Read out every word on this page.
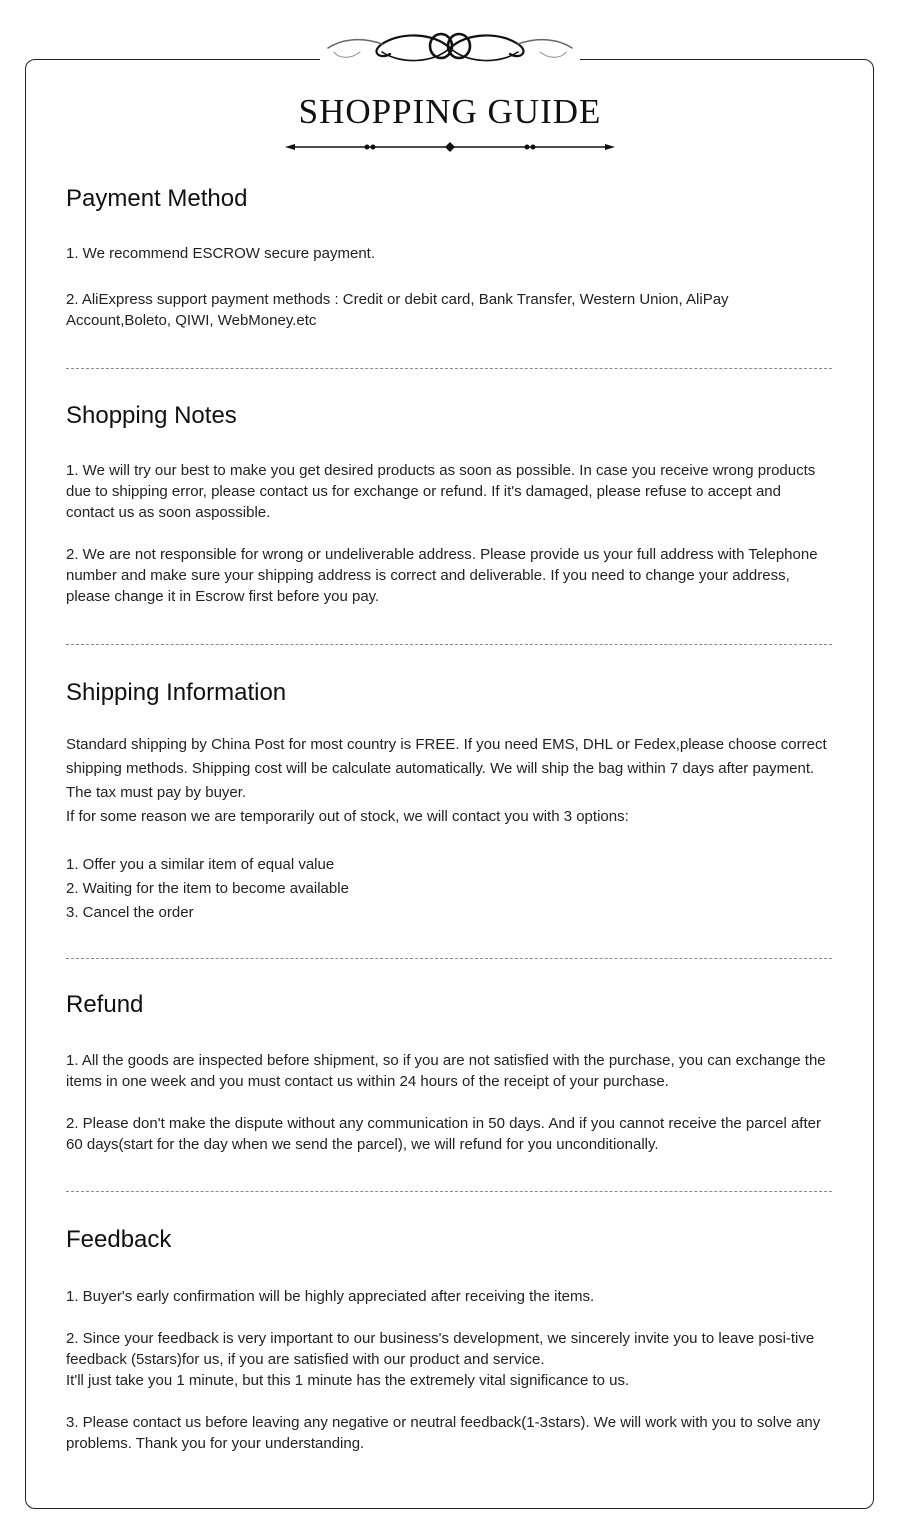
SHOPPING GUIDE
Payment Method

1. We recommend ESCROW secure payment.

2. AliExpress support payment methods : Credit or debit card, Bank Transfer, Western Union, AliPay Account,Boleto, QIWI, WebMoney.etc

Shopping Notes

1. We will try our best to make you get desired products as soon as possible. In case you receive wrong products due to shipping error, please contact us for exchange or refund. If it's damaged, please refuse to accept and contact us as soon aspossible.

2. We are not responsible for wrong or undeliverable address. Please provide us your full address with Telephone number and make sure your shipping address is correct and deliverable. If you need to change your address, please change it in Escrow first before you pay.

Shipping Information

Standard shipping by China Post for most country is FREE. If you need EMS, DHL or Fedex,please choose correct shipping methods. Shipping cost will be calculate automatically. We will ship the bag within 7 days after payment. The tax must pay by buyer.

If for some reason we are temporarily out of stock, we will contact you with 3 options:

1. Offer you a similar item of equal value
2. Waiting for the item to become available
3. Cancel the order
Refund

1. All the goods are inspected before shipment, so if you are not satisfied with the purchase, you can exchange the items in one week and you must contact us within 24 hours of the receipt of your purchase.

2. Please don't make the dispute without any communication in 50 days. And if you cannot receive the parcel after 60 days(start for the day when we send the parcel), we will refund for you unconditionally.

Feedback

1. Buyer's early confirmation will be highly appreciated after receiving the items.

2. Since your feedback is very important to our business's development, we sincerely invite you to leave posi-tive feedback (5stars)for us, if you are satisfied with our product and service.

It'll just take you 1 minute, but this 1 minute has the extremely vital significance to us.

3. Please contact us before leaving any negative or neutral feedback(1-3stars). We will work with you to solve any problems. Thank you for your understanding.
